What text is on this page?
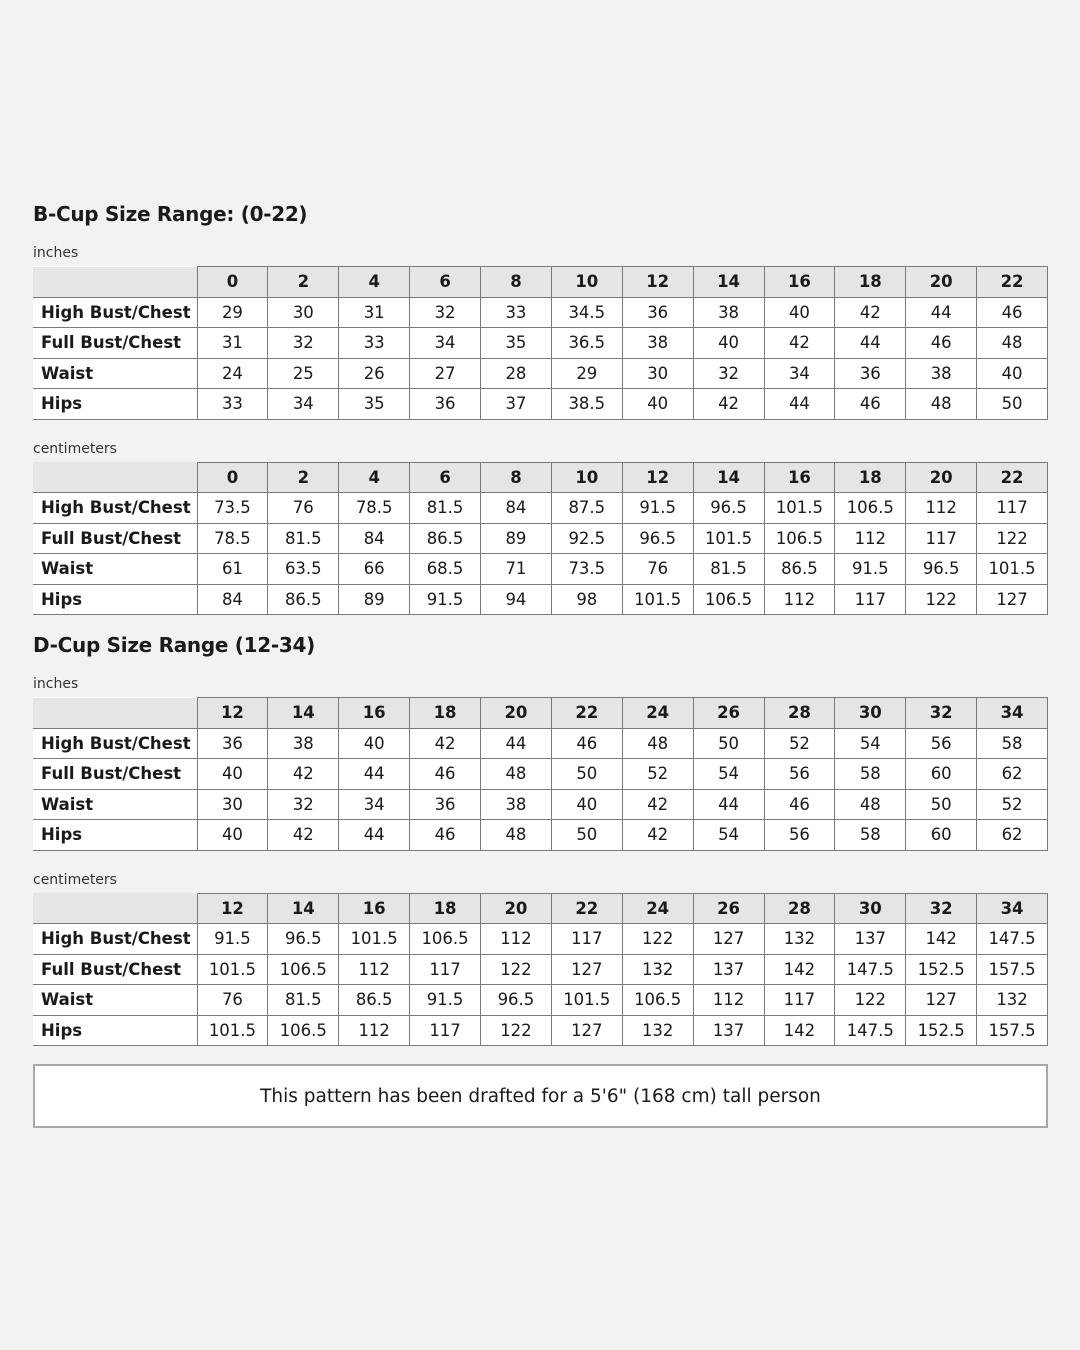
B-Cup Size Range: (0-22)
inches
	0	2	4	6	8	10	12	14	16	18	20	22
High Bust/Chest	29	30	31	32	33	34.5	36	38	40	42	44	46
Full Bust/Chest	31	32	33	34	35	36.5	38	40	42	44	46	48
Waist	24	25	26	27	28	29	30	32	34	36	38	40
Hips	33	34	35	36	37	38.5	40	42	44	46	48	50
centimeters
	0	2	4	6	8	10	12	14	16	18	20	22
High Bust/Chest	73.5	76	78.5	81.5	84	87.5	91.5	96.5	101.5	106.5	112	117
Full Bust/Chest	78.5	81.5	84	86.5	89	92.5	96.5	101.5	106.5	112	117	122
Waist	61	63.5	66	68.5	71	73.5	76	81.5	86.5	91.5	96.5	101.5
Hips	84	86.5	89	91.5	94	98	101.5	106.5	112	117	122	127
D-Cup Size Range (12-34)
inches
	12	14	16	18	20	22	24	26	28	30	32	34
High Bust/Chest	36	38	40	42	44	46	48	50	52	54	56	58
Full Bust/Chest	40	42	44	46	48	50	52	54	56	58	60	62
Waist	30	32	34	36	38	40	42	44	46	48	50	52
Hips	40	42	44	46	48	50	42	54	56	58	60	62
centimeters
	12	14	16	18	20	22	24	26	28	30	32	34
High Bust/Chest	91.5	96.5	101.5	106.5	112	117	122	127	132	137	142	147.5
Full Bust/Chest	101.5	106.5	112	117	122	127	132	137	142	147.5	152.5	157.5
Waist	76	81.5	86.5	91.5	96.5	101.5	106.5	112	117	122	127	132
Hips	101.5	106.5	112	117	122	127	132	137	142	147.5	152.5	157.5
This pattern has been drafted for a 5'6" (168 cm) tall person
